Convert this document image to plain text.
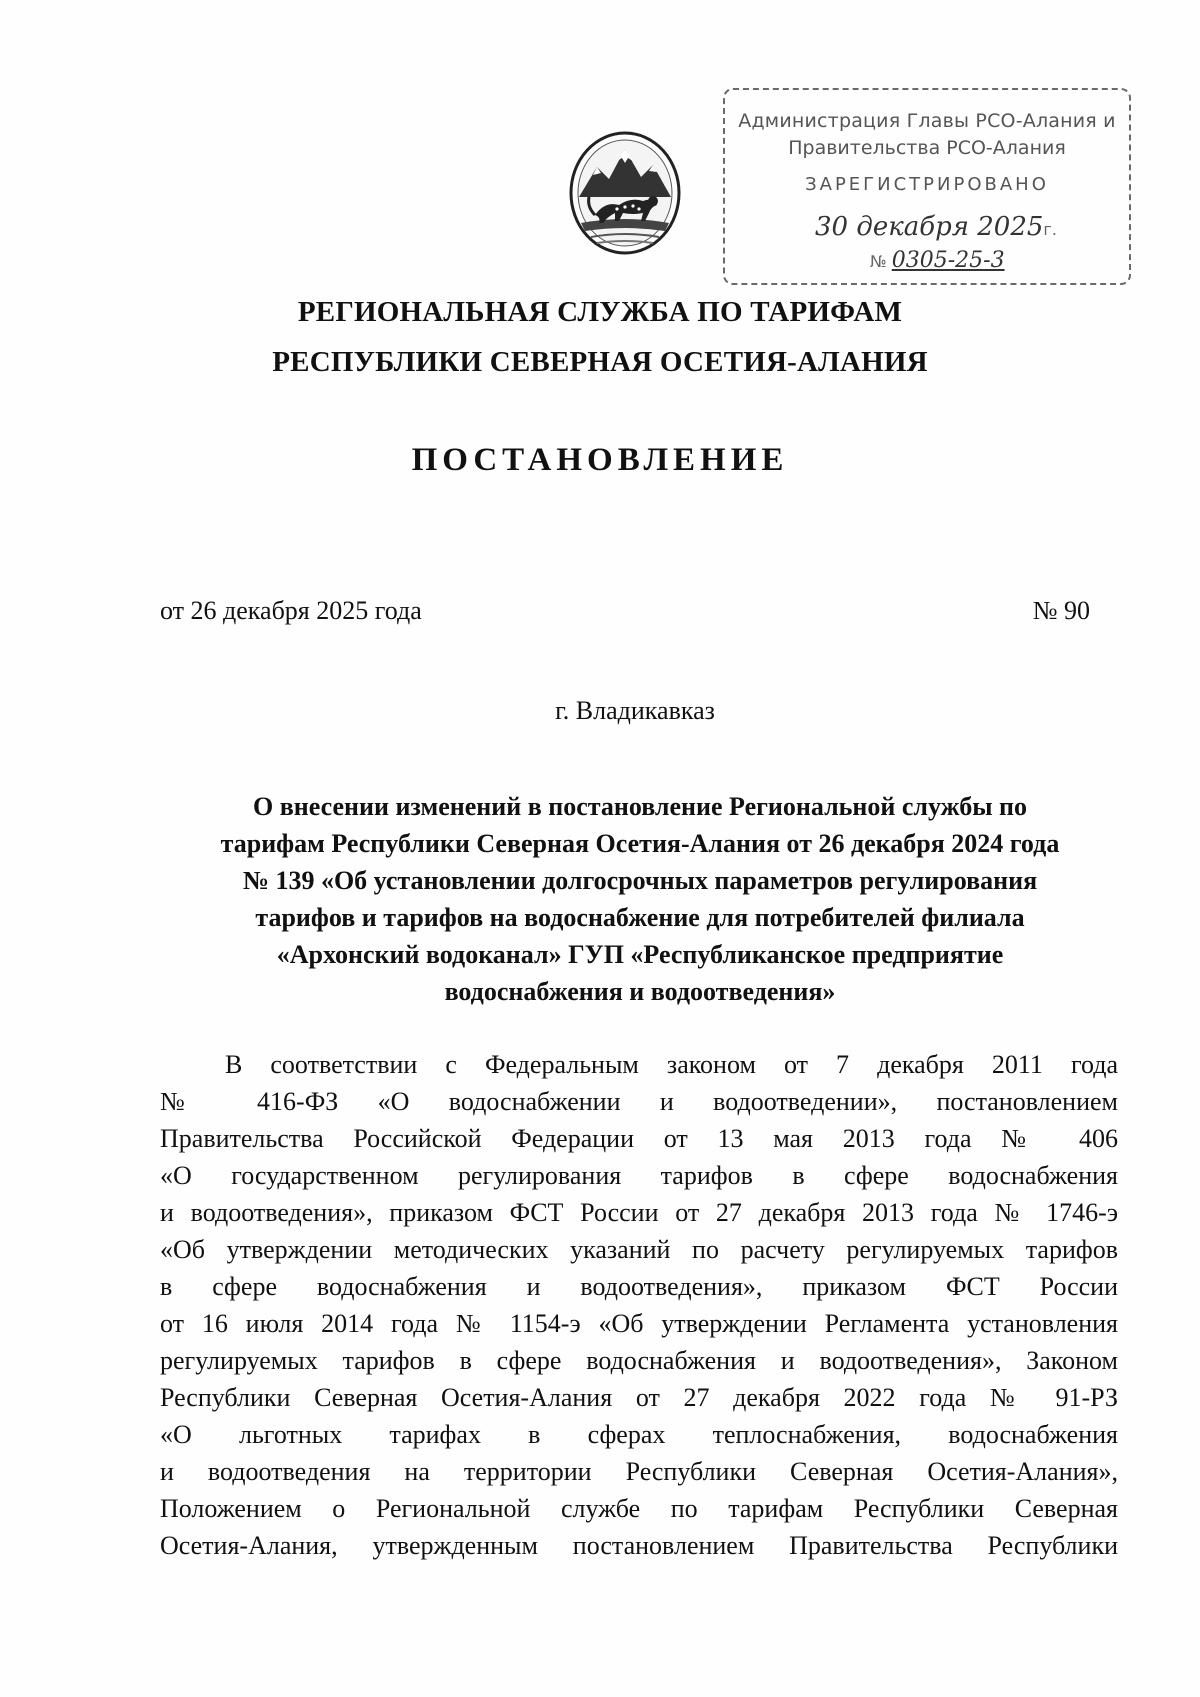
Администрация Главы РСО-Алания и
Правительства РСО-Алания
ЗАРЕГИСТРИРОВАНО
30 декабря 2025г.
№ 0305-25-3
РЕГИОНАЛЬНАЯ СЛУЖБА ПО ТАРИФАМ
РЕСПУБЛИКИ СЕВЕРНАЯ ОСЕТИЯ-АЛАНИЯ
ПОСТАНОВЛЕНИЕ
от 26 декабря 2025 года	№ 90
г. Владикавказ
О внесении изменений в постановление Региональной службы по
тарифам Республики Северная Осетия-Алания от 26 декабря 2024 года
№ 139 «Об установлении долгосрочных параметров регулирования
тарифов и тарифов на водоснабжение для потребителей филиала
«Архонский водоканал» ГУП «Республиканское предприятие
водоснабжения и водоотведения»
В соответствии с Федеральным законом от 7 декабря 2011 года
№ 416-ФЗ «О водоснабжении и водоотведении», постановлением
Правительства Российской Федерации от 13 мая 2013 года № 406
«О государственном регулирования тарифов в сфере водоснабжения
и водоотведения», приказом ФСТ России от 27 декабря 2013 года № 1746-э
«Об утверждении методических указаний по расчету регулируемых тарифов
в сфере водоснабжения и водоотведения», приказом ФСТ России
от 16 июля 2014 года № 1154-э «Об утверждении Регламента установления
регулируемых тарифов в сфере водоснабжения и водоотведения», Законом
Республики Северная Осетия-Алания от 27 декабря 2022 года № 91-РЗ
«О льготных тарифах в сферах теплоснабжения, водоснабжения
и водоотведения на территории Республики Северная Осетия-Алания»,
Положением о Региональной службе по тарифам Республики Северная
Осетия-Алания, утвержденным постановлением Правительства Республики
